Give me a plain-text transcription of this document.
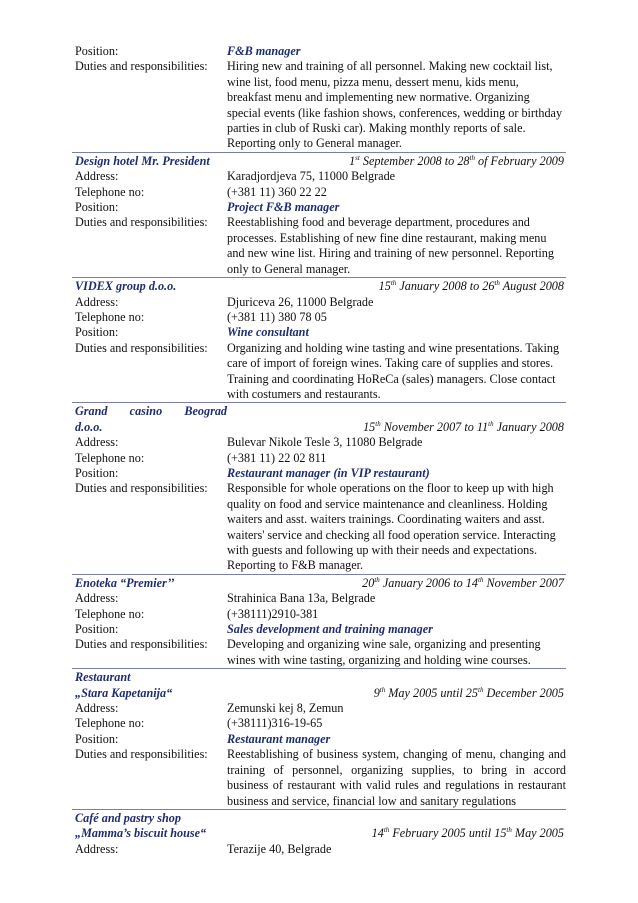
Position:	F&B manager
Duties and responsibilities:	Hiring new and training of all personnel. Making new cocktail list, wine list, food menu, pizza menu, dessert menu, kids menu, breakfast menu and implementing new normative. Organizing special events (like fashion shows, conferences, wedding or birthday parties in club of Ruski car). Making monthly reports of sale. Reporting only to General manager.
Design hotel Mr. President	1st September 2008 to 28th of February 2009
Address:	Karadjordjeva 75, 11000 Belgrade
Telephone no:	(+381 11) 360 22 22
Position:	Project F&B manager
Duties and responsibilities:	Reestablishing food and beverage department, procedures and processes. Establishing of new fine dine restaurant, making menu and new wine list. Hiring and training of new personnel. Reporting only to General manager.
VIDEX group d.o.o.	15th January 2008 to 26th August 2008
Address:	Djuriceva 26, 11000 Belgrade
Telephone no:	(+381 11) 380 78 05
Position:	Wine consultant
Duties and responsibilities:	Organizing and holding wine tasting and wine presentations. Taking care of import of foreign wines. Taking care of supplies and stores. Training and coordinating HoReCa (sales) managers. Close contact with costumers and restaurants.
Grand casino Beograd
d.o.o.	15th November 2007 to 11th January 2008
Address:	Bulevar Nikole Tesle 3, 11080 Belgrade
Telephone no:	(+381 11) 22 02 811
Position:	Restaurant manager (in VIP restaurant)
Duties and responsibilities:	Responsible for whole operations on the floor to keep up with high quality on food and service maintenance and cleanliness. Holding waiters and asst. waiters trainings. Coordinating waiters and asst. waiters' service and checking all food operation service. Interacting with guests and following up with their needs and expectations. Reporting to F&B manager.
Enoteka “Premier’’	20th January 2006 to 14th November 2007
Address:	Strahinica Bana 13a, Belgrade
Telephone no:	(+38111)2910-381
Position:	Sales development and training manager
Duties and responsibilities:	Developing and organizing wine sale, organizing and presenting wines with wine tasting, organizing and holding wine courses.
Restaurant
„Stara Kapetanija“	9th May 2005 until 25th December 2005
Address:	Zemunski kej 8, Zemun
Telephone no:	(+38111)316-19-65
Position:	Restaurant manager
Duties and responsibilities:	Reestablishing of business system, changing of menu, changing and training of personnel, organizing supplies, to bring in accord business of restaurant with valid rules and regulations in restaurant business and service, financial low and sanitary regulations
Café and pastry shop
„Mamma’s biscuit house“	14th February 2005 until 15th May 2005
Address:	Terazije 40, Belgrade
